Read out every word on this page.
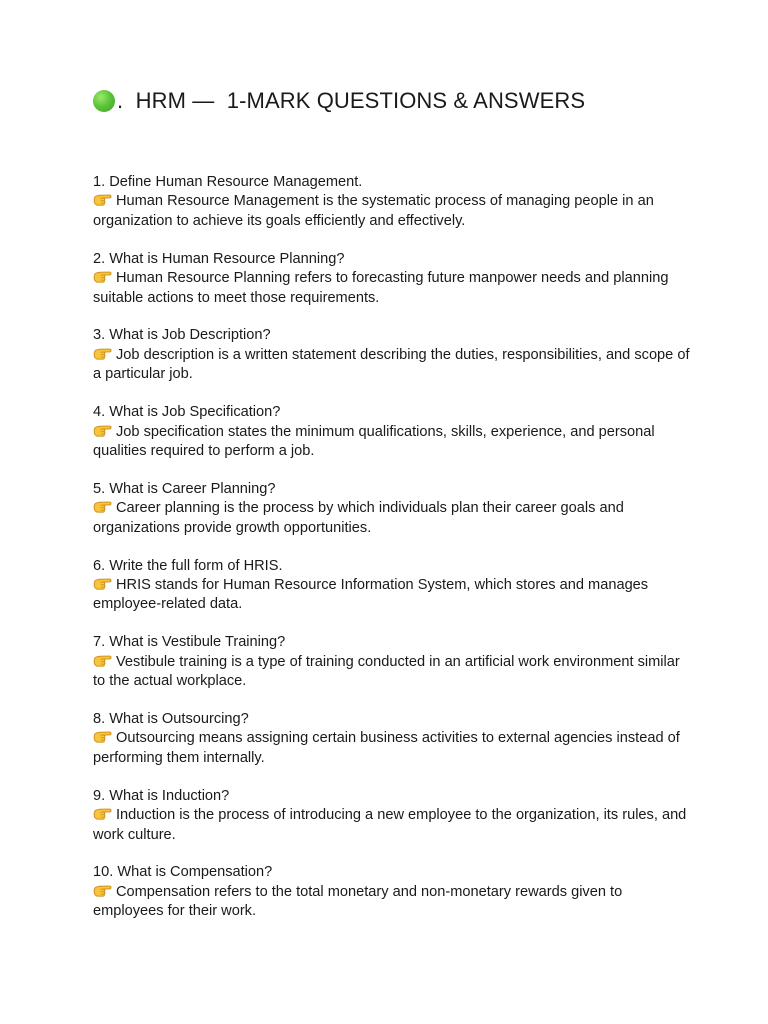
.  HRM —  1-MARK QUESTIONS & ANSWERS
1. Define Human Resource Management.
Human Resource Management is the systematic process of managing people in an organization to achieve its goals efficiently and effectively.
2. What is Human Resource Planning?
Human Resource Planning refers to forecasting future manpower needs and planning suitable actions to meet those requirements.
3. What is Job Description?
Job description is a written statement describing the duties, responsibilities, and scope of a particular job.
4. What is Job Specification?
Job specification states the minimum qualifications, skills, experience, and personal qualities required to perform a job.
5. What is Career Planning?
Career planning is the process by which individuals plan their career goals and organizations provide growth opportunities.
6. Write the full form of HRIS.
HRIS stands for Human Resource Information System, which stores and manages employee-related data.
7. What is Vestibule Training?
Vestibule training is a type of training conducted in an artificial work environment similar to the actual workplace.
8. What is Outsourcing?
Outsourcing means assigning certain business activities to external agencies instead of performing them internally.
9. What is Induction?
Induction is the process of introducing a new employee to the organization, its rules, and work culture.
10. What is Compensation?
Compensation refers to the total monetary and non-monetary rewards given to employees for their work.
